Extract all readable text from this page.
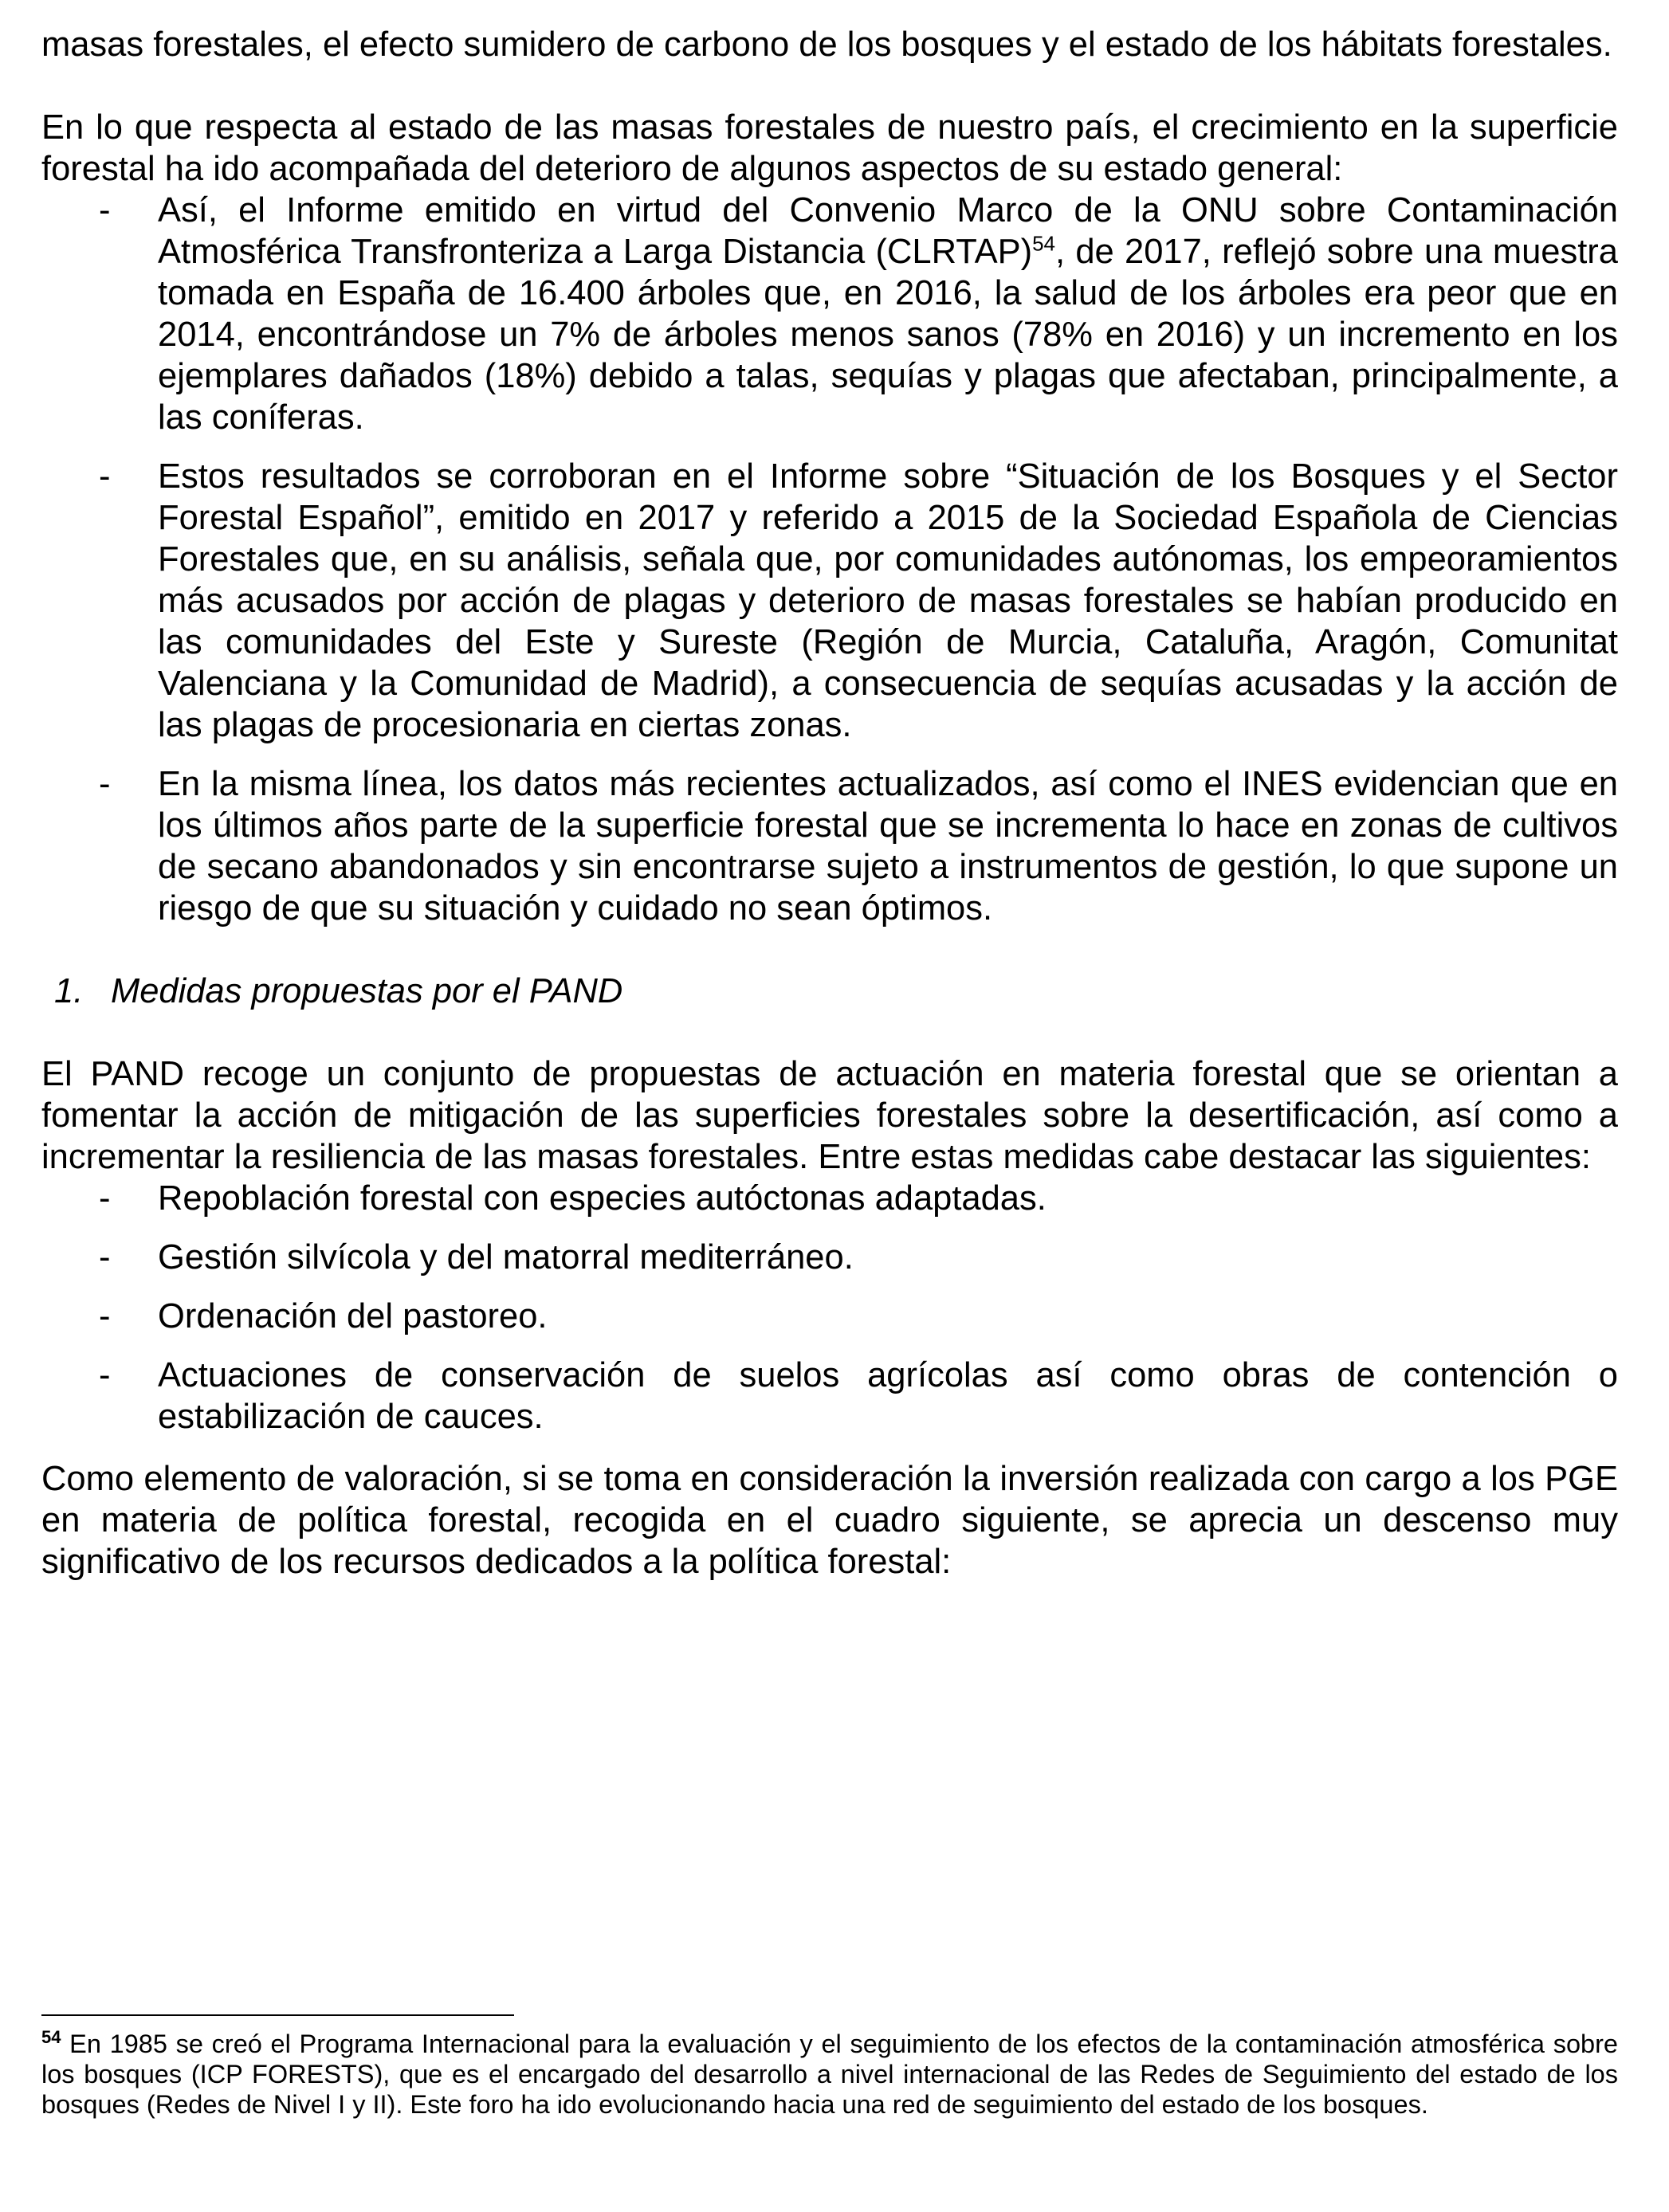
masas forestales, el efecto sumidero de carbono de los bosques y el estado de los hábitats forestales.

En lo que respecta al estado de las masas forestales de nuestro país, el crecimiento en la superficie forestal ha ido acompañada del deterioro de algunos aspectos de su estado general:

- Así, el Informe emitido en virtud del Convenio Marco de la ONU sobre Contaminación Atmosférica Transfronteriza a Larga Distancia (CLRTAP)$^{54}$, de 2017, reflejó sobre una muestra tomada en España de 16.400 árboles que, en 2016, la salud de los árboles era peor que en 2014, encontrándose un 7% de árboles menos sanos (78% en 2016) y un incremento en los ejemplares dañados (18%) debido a talas, sequías y plagas que afectaban, principalmente, a las coníferas.
- Estos resultados se corroboran en el Informe sobre “Situación de los Bosques y el Sector Forestal Español”, emitido en 2017 y referido a 2015 de la Sociedad Española de Ciencias Forestales que, en su análisis, señala que, por comunidades autónomas, los empeoramientos más acusados por acción de plagas y deterioro de masas forestales se habían producido en las comunidades del Este y Sureste (Región de Murcia, Cataluña, Aragón, Comunitat Valenciana y la Comunidad de Madrid), a consecuencia de sequías acusadas y la acción de las plagas de procesionaria en ciertas zonas.
- En la misma línea, los datos más recientes actualizados, así como el INES evidencian que en los últimos años parte de la superficie forestal que se incrementa lo hace en zonas de cultivos de secano abandonados y sin encontrarse sujeto a instrumentos de gestión, lo que supone un riesgo de que su situación y cuidado no sean óptimos.
1. Medidas propuestas por el PAND

El PAND recoge un conjunto de propuestas de actuación en materia forestal que se orientan a fomentar la acción de mitigación de las superficies forestales sobre la desertificación, así como a incrementar la resiliencia de las masas forestales. Entre estas medidas cabe destacar las siguientes:

- Repoblación forestal con especies autóctonas adaptadas.
- Gestión silvícola y del matorral mediterráneo.
- Ordenación del pastoreo.
- Actuaciones de conservación de suelos agrícolas así como obras de contención o estabilización de cauces.

Como elemento de valoración, si se toma en consideración la inversión realizada con cargo a los PGE en materia de política forestal, recogida en el cuadro siguiente, se aprecia un descenso muy significativo de los recursos dedicados a la política forestal:

$^{54}$ En 1985 se creó el Programa Internacional para la evaluación y el seguimiento de los efectos de la contaminación atmosférica sobre los bosques (ICP FORESTS), que es el encargado del desarrollo a nivel internacional de las Redes de Seguimiento del estado de los bosques (Redes de Nivel I y II). Este foro ha ido evolucionando hacia una red de seguimiento del estado de los bosques.
